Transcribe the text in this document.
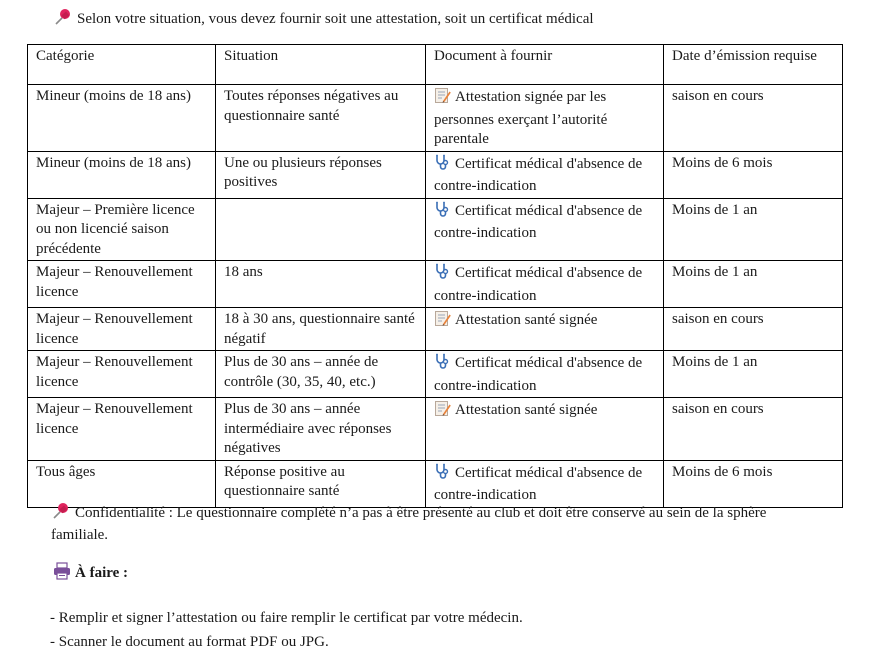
Selon votre situation, vous devez fournir soit une attestation, soit un certificat médical
Catégorie	Situation	Document à fournir	Date d’émission requise
Mineur (moins de 18 ans)	Toutes réponses négatives au questionnaire santé	Attestation signée par les personnes exerçant l’autorité parentale	saison en cours
Mineur (moins de 18 ans)	Une ou plusieurs réponses positives	Certificat médical d'absence de contre-indication	Moins de 6 mois
Majeur – Première licence ou non licencié saison précédente		Certificat médical d'absence de contre-indication	Moins de 1 an
Majeur – Renouvellement licence	18 ans	Certificat médical d'absence de contre-indication	Moins de 1 an
Majeur – Renouvellement licence	18 à 30 ans, questionnaire santé négatif	Attestation santé signée	saison en cours
Majeur – Renouvellement licence	Plus de 30 ans – année de contrôle (30, 35, 40, etc.)	Certificat médical d'absence de contre-indication	Moins de 1 an
Majeur – Renouvellement licence	Plus de 30 ans – année intermédiaire avec réponses négatives	Attestation santé signée	saison en cours
Tous âges	Réponse positive au questionnaire santé	Certificat médical d'absence de contre-indication	Moins de 6 mois
Confidentialité : Le questionnaire complété n’a pas à être présenté au club et doit être conservé au sein de la sphère familiale.
À faire :
- Remplir et signer l’attestation ou faire remplir le certificat par votre médecin.
- Scanner le document au format PDF ou JPG.
